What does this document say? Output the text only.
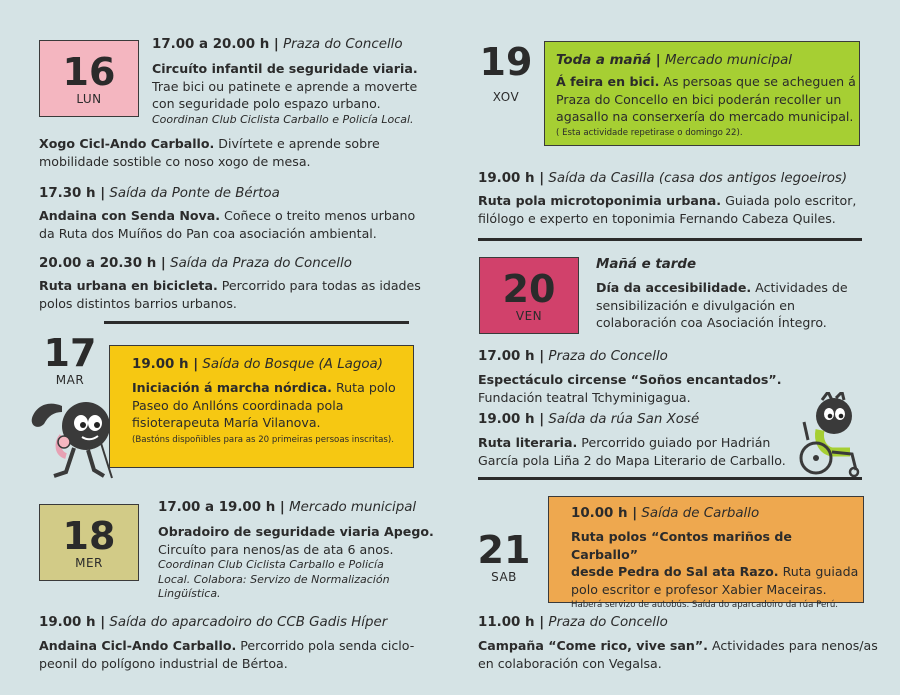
16
LUN
17.00 a 20.00 h | Praza do Concello
Circuíto infantil de seguridade viaria.
Trae bici ou patinete e aprende a moverte
con seguridade polo espazo urbano.
Coordinan Club Ciclista Carballo e Policía Local.
Xogo Cicl-Ando Carballo. Divírtete e aprende sobre
mobilidade sostible co noso xogo de mesa.
17.30 h | Saída da Ponte de Bértoa
Andaina con Senda Nova. Coñece o treito menos urbano
da Ruta dos Muíños do Pan coa asociación ambiental.
20.00 a 20.30 h | Saída da Praza do Concello
Ruta urbana en bicicleta. Percorrido para todas as idades
polos distintos barrios urbanos.
17
MAR
19.00 h | Saída do Bosque (A Lagoa)
Iniciación á marcha nórdica. Ruta polo
Paseo do Anllóns coordinada pola
fisioterapeuta María Vilanova.
(Bastóns dispoñibles para as 20 primeiras persoas inscritas).
18
MER
17.00 a 19.00 h | Mercado municipal
Obradoiro de seguridade viaria Apego.
Circuíto para nenos/as de ata 6 anos.
Coordinan Club Ciclista Carballo e Policía
Local. Colabora: Servizo de Normalización
Lingüística.
19.00 h | Saída do aparcadoiro do CCB Gadis Híper
Andaina Cicl-Ando Carballo. Percorrido pola senda ciclo-
peonil do polígono industrial de Bértoa.
19
XOV
Toda a mañá | Mercado municipal
Á feira en bici. As persoas que se acheguen á
Praza do Concello en bici poderán recoller un
agasallo na conserxería do mercado municipal.
( Esta actividade repetirase o domingo 22).
19.00 h | Saída da Casilla (casa dos antigos legoeiros)
Ruta pola microtoponimia urbana. Guiada polo escritor,
filólogo e experto en toponimia Fernando Cabeza Quiles.
20
VEN
Mañá e tarde
Día da accesibilidade. Actividades de
sensibilización e divulgación en
colaboración coa Asociación Íntegro.
17.00 h | Praza do Concello
Espectáculo circense “Soños encantados”.
Fundación teatral Tchyminigagua.
19.00 h | Saída da rúa San Xosé
Ruta literaria. Percorrido guiado por Hadrián
García pola Liña 2 do Mapa Literario de Carballo.
21
SAB
10.00 h | Saída de Carballo
Ruta polos “Contos mariños de Carballo”
desde Pedra do Sal ata Razo. Ruta guiada
polo escritor e profesor Xabier Maceiras.
Haberá servizo de autobús. Saída do aparcadoiro da rúa Perú.
11.00 h | Praza do Concello
Campaña “Come rico, vive san”. Actividades para nenos/as
en colaboración con Vegalsa.
